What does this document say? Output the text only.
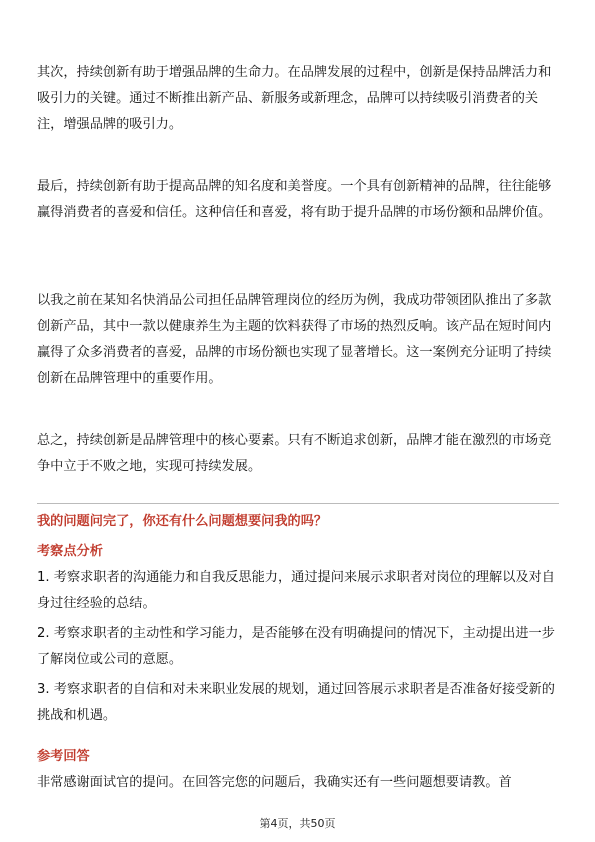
其次，持续创新有助于增强品牌的生命力。在品牌发展的过程中，创新是保持品牌活力和吸引力的关键。通过不断推出新产品、新服务或新理念，品牌可以持续吸引消费者的关注，增强品牌的吸引力。

最后，持续创新有助于提高品牌的知名度和美誉度。一个具有创新精神的品牌，往往能够赢得消费者的喜爱和信任。这种信任和喜爱，将有助于提升品牌的市场份额和品牌价值。

以我之前在某知名快消品公司担任品牌管理岗位的经历为例，我成功带领团队推出了多款创新产品，其中一款以健康养生为主题的饮料获得了市场的热烈反响。该产品在短时间内赢得了众多消费者的喜爱，品牌的市场份额也实现了显著增长。这一案例充分证明了持续创新在品牌管理中的重要作用。

总之，持续创新是品牌管理中的核心要素。只有不断追求创新，品牌才能在激烈的市场竞争中立于不败之地，实现可持续发展。

我的问题问完了，你还有什么问题想要问我的吗？

考察点分析

1. 考察求职者的沟通能力和自我反思能力，通过提问来展示求职者对岗位的理解以及对自身过往经验的总结。
2. 考察求职者的主动性和学习能力，是否能够在没有明确提问的情况下，主动提出进一步了解岗位或公司的意愿。
3. 考察求职者的自信和对未来职业发展的规划，通过回答展示求职者是否准备好接受新的挑战和机遇。

参考回答

非常感谢面试官的提问。在回答完您的问题后，我确实还有一些问题想要请教。首

第4页，共50页
